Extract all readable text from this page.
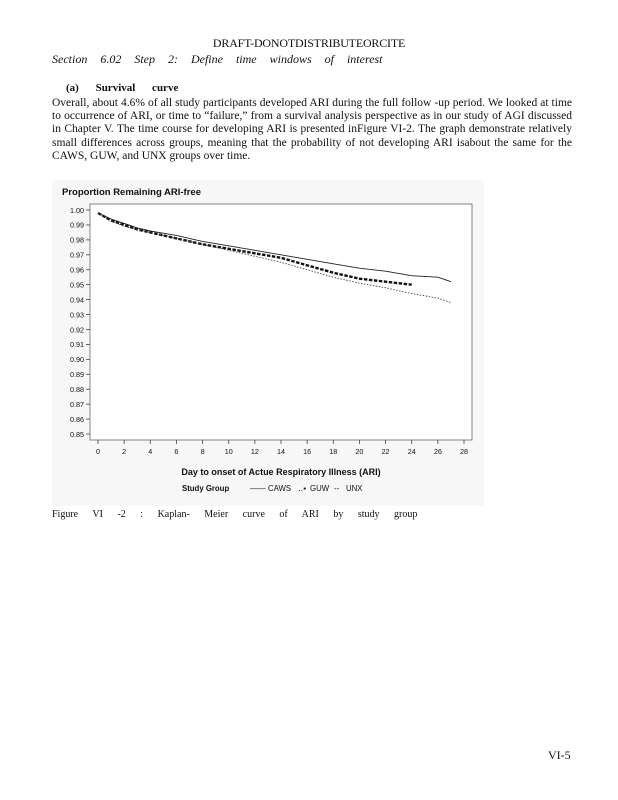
DRAFT-DONOTDISTRIBUTEORCITE
Section 6.02 Step 2: Define time windows of interest
(a) Survival curve
Overall, about 4.6% of all study participants developed ARI during the full follow -up period. We looked at time to occurrence of ARI, or time to “failure,” from a survival analysis perspective as in our study of AGI discussed in Chapter V. The time course for developing ARI is presented inFigure VI-2. The graph demonstrate relatively small differences across groups, meaning that the probability of not developing ARI isabout the same for the CAWS, GUW, and UNX groups over time.
Proportion Remaining ARI-free
1.00
0.99
0.98
0.97
0.96
0.95
0.94
0.93
0.92
0.91
0.90
0.89
0.88
0.87
0.86
0.85
0	2	4	6	8	10	12	14	16	18	20	22	24	26	28
Day to onset of Actue Respiratory Illness (ARI)
Study Group	—— CAWS ‥▪ GUW -- UNX
Figure VI -2 : Kaplan- Meier curve of ARI by study group
VI-5
